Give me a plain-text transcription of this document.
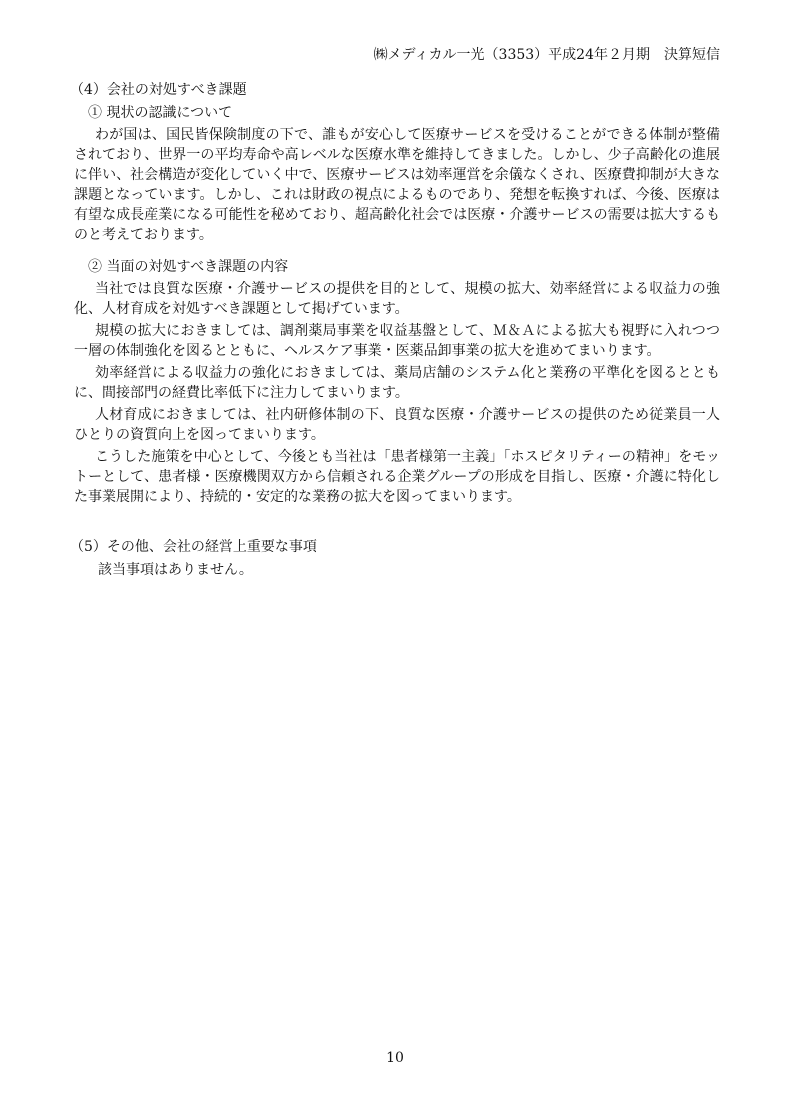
㈱メディカル一光（3353）平成24年２月期　決算短信
（4）会社の対処すべき課題
① 現状の認識について

わが国は、国民皆保険制度の下で、誰もが安心して医療サービスを受けることができる体制が整備されており、世界一の平均寿命や高レベルな医療水準を維持してきました。しかし、少子高齢化の進展に伴い、社会構造が変化していく中で、医療サービスは効率運営を余儀なくされ、医療費抑制が大きな課題となっています。しかし、これは財政の視点によるものであり、発想を転換すれば、今後、医療は有望な成長産業になる可能性を秘めており、超高齢化社会では医療・介護サービスの需要は拡大するものと考えております。

② 当面の対処すべき課題の内容

当社では良質な医療・介護サービスの提供を目的として、規模の拡大、効率経営による収益力の強化、人材育成を対処すべき課題として掲げています。

規模の拡大におきましては、調剤薬局事業を収益基盤として、Ｍ＆Ａによる拡大も視野に入れつつ一層の体制強化を図るとともに、ヘルスケア事業・医薬品卸事業の拡大を進めてまいります。

効率経営による収益力の強化におきましては、薬局店舗のシステム化と業務の平準化を図るとともに、間接部門の経費比率低下に注力してまいります。

人材育成におきましては、社内研修体制の下、良質な医療・介護サービスの提供のため従業員一人ひとりの資質向上を図ってまいります。

こうした施策を中心として、今後とも当社は「患者様第一主義」「ホスピタリティーの精神」をモットーとして、患者様・医療機関双方から信頼される企業グループの形成を目指し、医療・介護に特化した事業展開により、持続的・安定的な業務の拡大を図ってまいります。

（5）その他、会社の経営上重要な事項
該当事項はありません。
10
